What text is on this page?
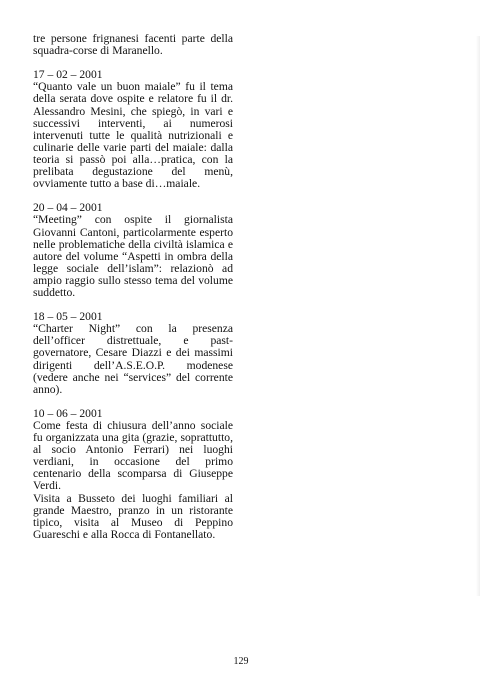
tre persone frignanesi facenti parte della squadra-corse di Maranello.

17 – 02 – 2001

“Quanto vale un buon maiale” fu il tema della serata dove ospite e relatore fu il dr. Alessandro Mesini, che spiegò, in vari e successivi interventi, ai numerosi intervenuti tutte le qualità nutrizionali e culinarie delle varie parti del maiale: dalla teoria si passò poi alla…pratica, con la prelibata degustazione del menù, ovviamente tutto a base di…maiale.

20 – 04 – 2001

“Meeting” con ospite il giornalista Giovanni Cantoni, particolarmente esperto nelle problematiche della civiltà islamica e autore del volume “Aspetti in ombra della legge sociale dell’islam”: relazionò ad ampio raggio sullo stesso tema del volume suddetto.

18 – 05 – 2001

“Charter Night” con la presenza dell’officer distrettuale, e past-governatore, Cesare Diazzi e dei massimi dirigenti dell’A.S.E.O.P. modenese (vedere anche nei “services” del corrente anno).

10 – 06 – 2001

Come festa di chiusura dell’anno sociale fu organizzata una gita (grazie, soprattutto, al socio Antonio Ferrari) nei luoghi verdiani, in occasione del primo centenario della scomparsa di Giuseppe Verdi.
Visita a Busseto dei luoghi familiari al grande Maestro, pranzo in un ristorante tipico, visita al Museo di Peppino Guareschi e alla Rocca di Fontanellato.

129
